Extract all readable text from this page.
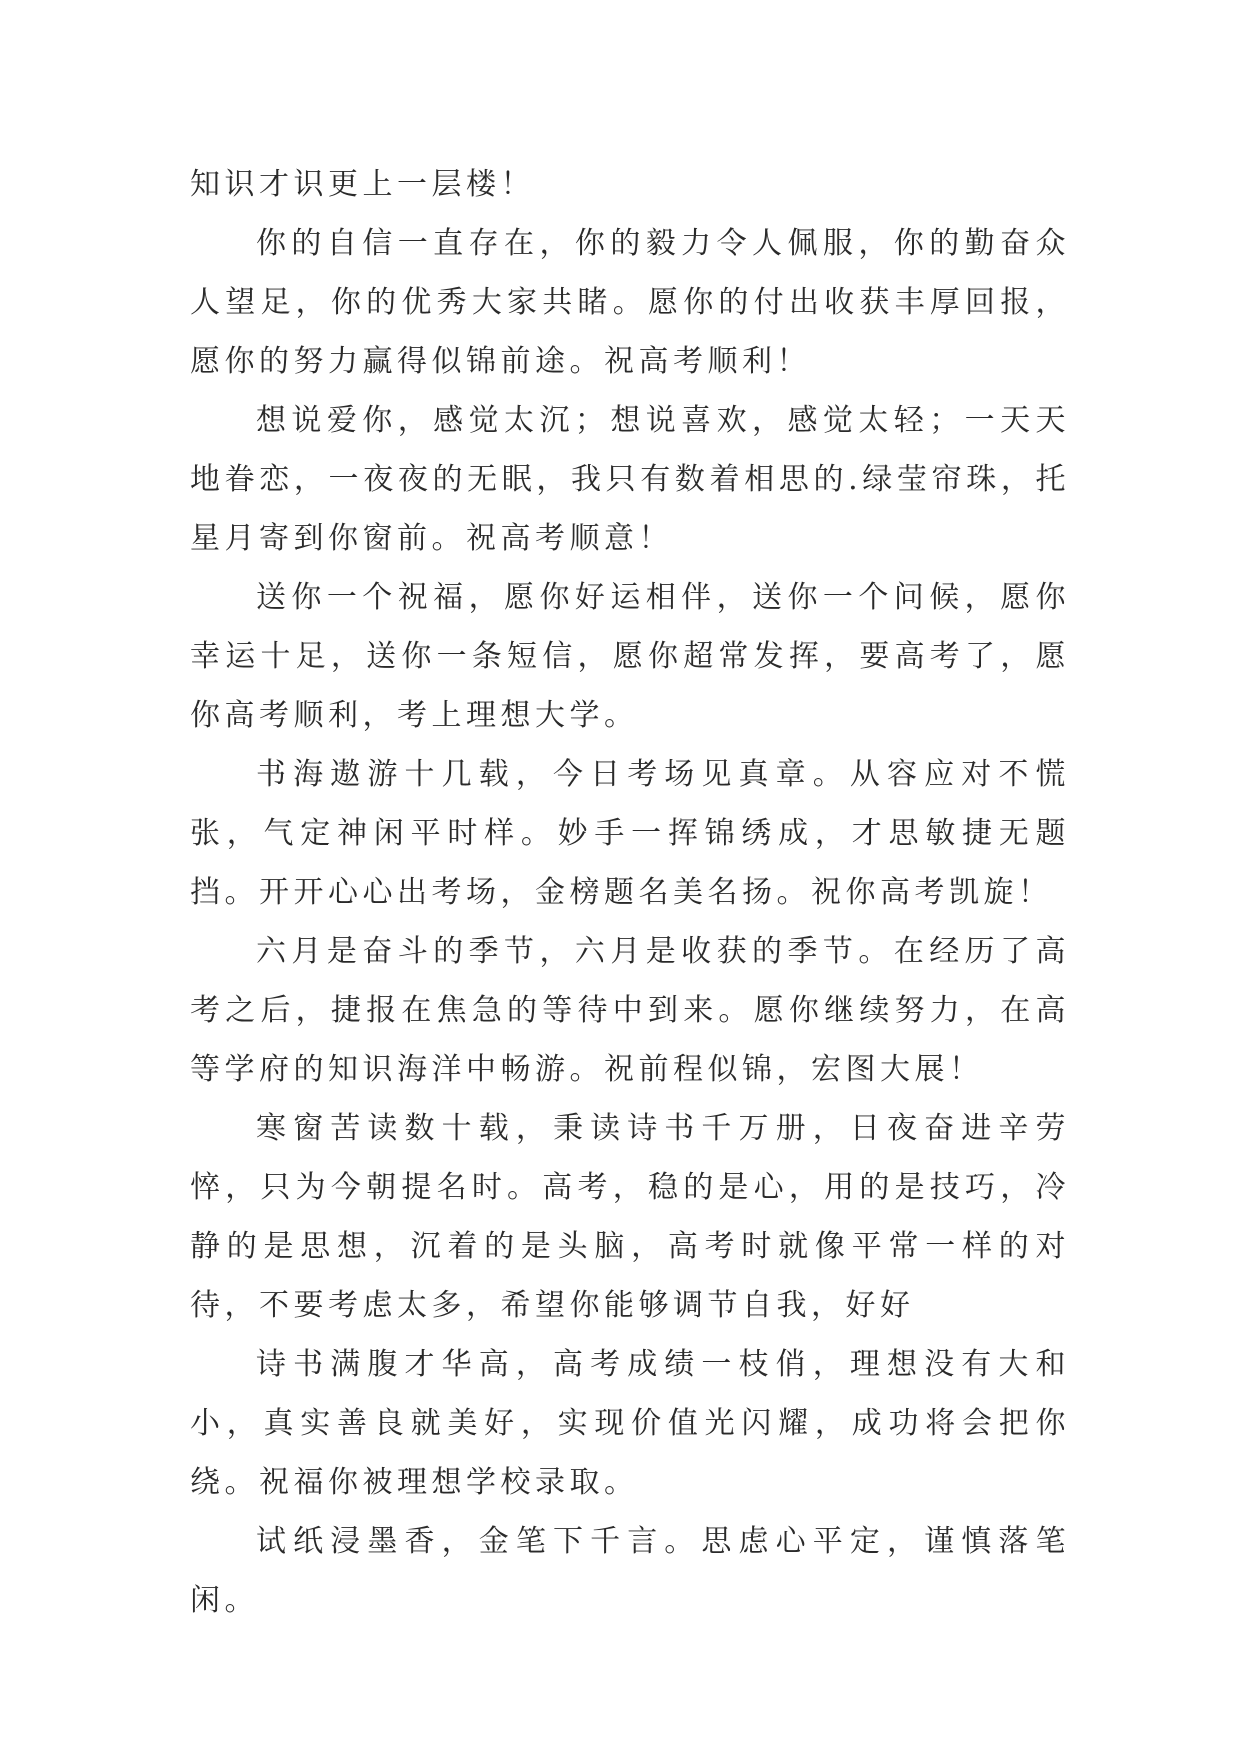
知识才识更上一层楼！

你的自信一直存在，你的毅力令人佩服，你的勤奋众人望足，你的优秀大家共睹。愿你的付出收获丰厚回报，愿你的努力赢得似锦前途。祝高考顺利！

想说爱你，感觉太沉；想说喜欢，感觉太轻；一天天地眷恋，一夜夜的无眠，我只有数着相思的.绿莹帘珠，托星月寄到你窗前。祝高考顺意！

送你一个祝福，愿你好运相伴，送你一个问候，愿你幸运十足，送你一条短信，愿你超常发挥，要高考了，愿你高考顺利，考上理想大学。

书海遨游十几载，今日考场见真章。从容应对不慌张，气定神闲平时样。妙手一挥锦绣成，才思敏捷无题挡。开开心心出考场，金榜题名美名扬。祝你高考凯旋！

六月是奋斗的季节，六月是收获的季节。在经历了高考之后，捷报在焦急的等待中到来。愿你继续努力，在高等学府的知识海洋中畅游。祝前程似锦，宏图大展！

寒窗苦读数十载，秉读诗书千万册，日夜奋进辛劳悴，只为今朝提名时。高考，稳的是心，用的是技巧，冷静的是思想，沉着的是头脑，高考时就像平常一样的对待，不要考虑太多，希望你能够调节自我，好好

诗书满腹才华高，高考成绩一枝俏，理想没有大和小，真实善良就美好，实现价值光闪耀，成功将会把你绕。祝福你被理想学校录取。

试纸浸墨香，金笔下千言。思虑心平定，谨慎落笔闲。
